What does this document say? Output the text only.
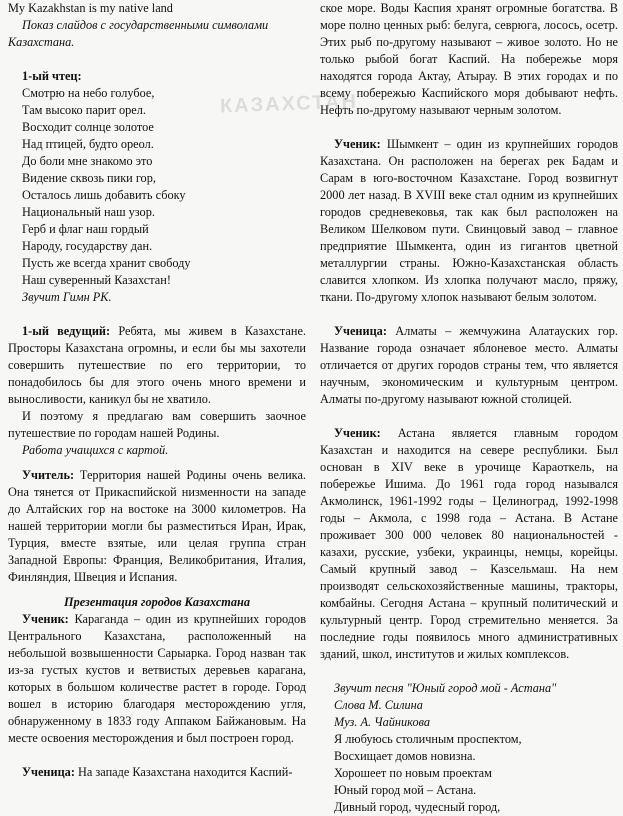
КАЗАХСТАН

My Kazakhstan is my native land

Показ слайдов с государственными символами

Казахстана.

1-ый чтец:

Смотрю на небо голубое,

Там высоко парит орел.

Восходит солнце золотое

Над птицей, будто ореол.

До боли мне знакомо это

Видение сквозь пики гор,

Осталось лишь добавить сбоку

Национальный наш узор.

Герб и флаг наш гордый

Народу, государству дан.

Пусть же всегда хранит свободу

Наш суверенный Казахстан!

Звучит Гимн РК.

1-ый ведущий: Ребята, мы живем в Казахстане. Просторы Казахстана огромны, и если бы мы захотели совершить путешествие по его территории, то понадобилось бы для этого очень много времени и выносливости, каникул бы не хватило.

И поэтому я предлагаю вам совершить заочное путешествие по городам нашей Родины.

Работа учащихся с картой.

Учитель: Территория нашей Родины очень велика. Она тянется от Прикаспийской низменности на западе до Алтайских гор на востоке на 3000 километров. На нашей территории могли бы разместиться Иран, Ирак, Турция, вместе взятые, или целая группа стран Западной Европы: Франция, Великобритания, Италия, Финляндия, Швеция и Испания.

Презентация городов Казахстана

Ученик: Караганда – один из крупнейших городов Центрального Казахстана, расположенный на небольшой возвышенности Сарыарка. Город назван так из-за густых кустов и ветвистых деревьев карагана, которых в большом количестве растет в городе. Город вошел в историю благодаря месторождению угля, обнаруженному в 1833 году Аппаком Байжановым. На месте освоения месторождения и был построен город.

Ученица: На западе Казахстана находится Каспий-

ское море. Воды Каспия хранят огромные богатства. В море полно ценных рыб: белуга, севрюга, лосось, осетр. Этих рыб по-другому называют – живое золото. Но не только рыбой богат Каспий. На побережье моря находятся города Актау, Атырау. В этих городах и по всему побережью Каспийского моря добывают нефть. Нефть по-другому называют черным золотом.

Ученик: Шымкент – один из крупнейших городов Казахстана. Он расположен на берегах рек Бадам и Сарам в юго-восточном Казахстане. Город возвигнут 2000 лет назад. В XVIII веке стал одним из крупнейших городов средневековья, так как был расположен на Великом Шелковом пути. Свинцовый завод – главное предприятие Шымкента, один из гигантов цветной металлургии страны. Южно-Казахстанская область славится хлопком. Из хлопка получают масло, пряжу, ткани. По-другому хлопок называют белым золотом.

Ученица: Алматы – жемчужина Алатауских гор. Название города означает яблоневое место. Алматы отличается от других городов страны тем, что является научным, экономическим и культурным центром. Алматы по-другому называют южной столицей.

Ученик: Астана является главным городом Казахстан и находится на севере республики. Был основан в XIV веке в урочище Караоткель, на побережье Ишима. До 1961 года город назывался Акмолинск, 1961-1992 годы – Целиноград, 1992-1998 годы – Акмола, с 1998 года – Астана. В Астане проживает 300 000 человек 80 национальностей - казахи, русские, узбеки, украинцы, немцы, корейцы. Самый крупный завод – Казсельмаш. На нем производят сельскохозяйственные машины, тракторы, комбайны. Сегодня Астана – крупный политический и культурный центр. Город стремительно меняется. За последние годы появилось много административных зданий, школ, институтов и жилых комплексов.

Звучит песня "Юный город мой - Астана"

Слова М. Силина

Муз. А. Чайникова

Я любуюсь столичным проспектом,

Восхищает домов новизна.

Хорошеет по новым проектам

Юный город мой – Астана.

Дивный город, чудесный город,
